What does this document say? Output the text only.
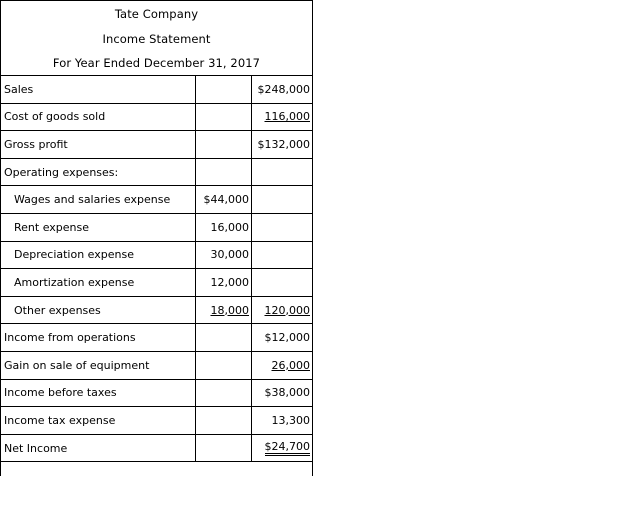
Tate Company
Income Statement
For Year Ended December 31, 2017
Sales		$248,000
Cost of goods sold		116,000
Gross profit		$132,000
Operating expenses:		
Wages and salaries expense	$44,000	
Rent expense	16,000	
Depreciation expense	30,000	
Amortization expense	12,000	
Other expenses	18,000	120,000
Income from operations		$12,000
Gain on sale of equipment		26,000
Income before taxes		$38,000
Income tax expense		13,300
Net Income		$24,700
